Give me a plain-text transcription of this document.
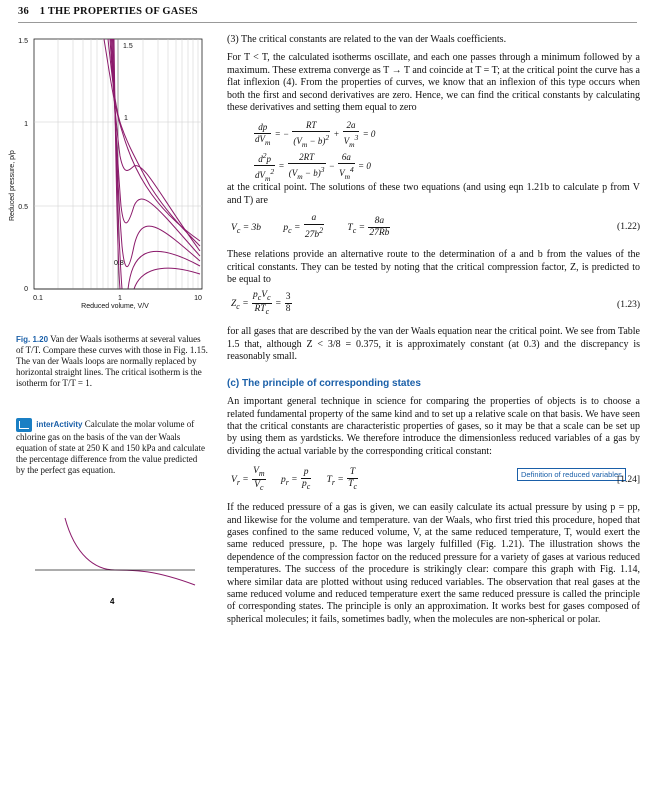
36 1 THE PROPERTIES OF GASES
1.5
1
0.5
0
0.1	1	10
Reduced volume, V/V
Reduced pressure, p/p
1.5
1
0.8
Fig. 1.20 Van der Waals isotherms at several values of T/T. Compare these curves with those in Fig. 1.15. The van der Waals loops are normally replaced by horizontal straight lines. The critical isotherm is the isotherm for T/T = 1.
interActivity Calculate the molar volume of chlorine gas on the basis of the van der Waals equation of state at 250 K and 150 kPa and calculate the percentage difference from the value predicted by the perfect gas equation.
4

(3) The critical constants are related to the van der Waals coefficients.

For T < T, the calculated isotherms oscillate, and each one passes through a minimum followed by a maximum. These extrema converge as T → T and coincide at T = T; at the critical point the curve has a flat inflexion (4). From the properties of curves, we know that an inflexion of this type occurs when both the first and second derivatives are zero. Hence, we can find the critical constants by calculating these derivatives and setting them equal to zero

$\frac{dp}{dV_m}$ = − $\frac{RT}{(V_m - b)^2} + \frac{2a}{V_m^3} = 0$
$\frac{d^2p}{dV_m^2} = \frac{2RT}{(V_m - b)^3} - \frac{6a}{V_m^4} = 0$

at the critical point. The solutions of these two equations (and using eqn 1.21b to calculate p from V and T) are

$V_c = 3b$ $p_c = \frac{a}{27b^2} T_c = \frac{8a}{27Rb}$	(1.22)

These relations provide an alternative route to the determination of a and b from the values of the critical constants. They can be tested by noting that the critical compression factor, Z, is predicted to be equal to

$Z_c = \frac{p_cV_c}{RT_c} = \frac{3}{8}$	(1.23)

for all gases that are described by the van der Waals equation near the critical point. We see from Table 1.5 that, although Z < 3/8 = 0.375, it is approximately constant (at 0.3) and the discrepancy is reasonably small.

(c) The principle of corresponding states

An important general technique in science for comparing the properties of objects is to choose a related fundamental property of the same kind and to set up a relative scale on that basis. We have seen that the critical constants are characteristic properties of gases, so it may be that a scale can be set up by using them as yardsticks. We therefore introduce the dimensionless reduced variables of a gas by dividing the actual variable by the corresponding critical constant:

$V_r = \frac{V_m}{V_c} p_r = \frac{p}{p_c} T_r = \frac{T}{T_c}$	Definition of reduced variables
[1.24]

If the reduced pressure of a gas is given, we can easily calculate its actual pressure by using p = pp, and likewise for the volume and temperature. van der Waals, who first tried this procedure, hoped that gases confined to the same reduced volume, V, at the same reduced temperature, T, would exert the same reduced pressure, p. The hope was largely fulfilled (Fig. 1.21). The illustration shows the dependence of the compression factor on the reduced pressure for a variety of gases at various reduced temperatures. The success of the procedure is strikingly clear: compare this graph with Fig. 1.14, where similar data are plotted without using reduced variables. The observation that real gases at the same reduced volume and reduced temperature exert the same reduced pressure is called the principle of corresponding states. The principle is only an approximation. It works best for gases composed of spherical molecules; it fails, sometimes badly, when the molecules are non-spherical or polar.
